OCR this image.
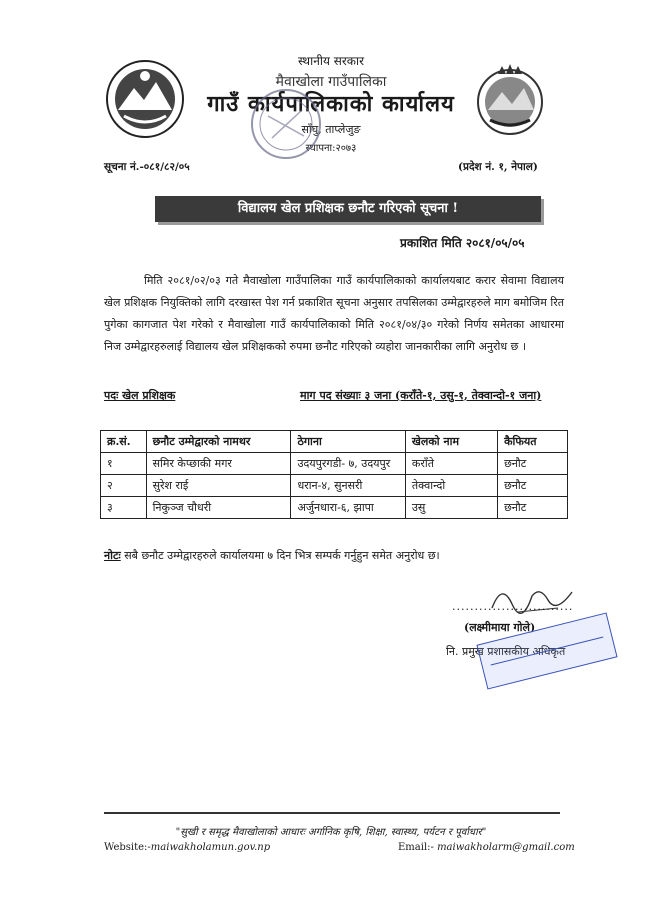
स्थानीय सरकार
मैवाखोला गाउँपालिका
गाउँ कार्यपालिकाको कार्यालय
साँघु, ताप्लेजुङ
स्थापना:२०७३
सूचना नं.-०८१/८२/०५	(प्रदेश नं. १, नेपाल)
विद्यालय खेल प्रशिक्षक छनौट गरिएको सूचना !
प्रकाशित मिति २०८१/०५/०५
मिति २०८१/०२/०३ गते मैवाखोला गाउँपालिका गाउँ कार्यपालिकाको कार्यालयबाट करार सेवामा विद्यालय खेल प्रशिक्षक नियुक्तिको लागि दरखास्त पेश गर्न प्रकाशित सूचना अनुसार तपसिलका उम्मेद्वारहरुले माग बमोजिम रित पुगेका कागजात पेश गरेको र मैवाखोला गाउँ कार्यपालिकाको मिति २०८१/०४/३० गरेको निर्णय समेतका आधारमा निज उम्मेद्वारहरुलाई विद्यालय खेल प्रशिक्षकको रुपमा छनौट गरिएको व्यहोरा जानकारीका लागि अनुरोध छ ।
पदः खेल प्रशिक्षक	माग पद संख्याः ३ जना (कराँते-१, उसु-१, तेक्वान्दो-१ जना)
क्र.सं.	छनौट उम्मेद्वारको नामथर	ठेगाना	खेलको नाम	कैफियत
१	समिर केप्छाकी मगर	उदयपुरगडी- ७, उदयपुर	कराँते	छनौट
२	सुरेश राई	धरान-४, सुनसरी	तेक्वान्दो	छनौट
३	निकुञ्ज चौधरी	अर्जुनधारा-६, झापा	उसु	छनौट
नोटः सबै छनौट उम्मेद्वारहरुले कार्यालयमा ७ दिन भित्र सम्पर्क गर्नुहुन समेत अनुरोध छ।
...........................
(लक्ष्मीमाया गोले)
नि. प्रमुख प्रशासकीय अधिकृत
"सुखी र समृद्ध मैवाखोलाको आधारः अर्गानिक कृषि, शिक्षा, स्वास्थ्य, पर्यटन र पूर्वाधार"
Website:-maiwakholamun.gov.np	Email:- maiwakholarm@gmail.com
